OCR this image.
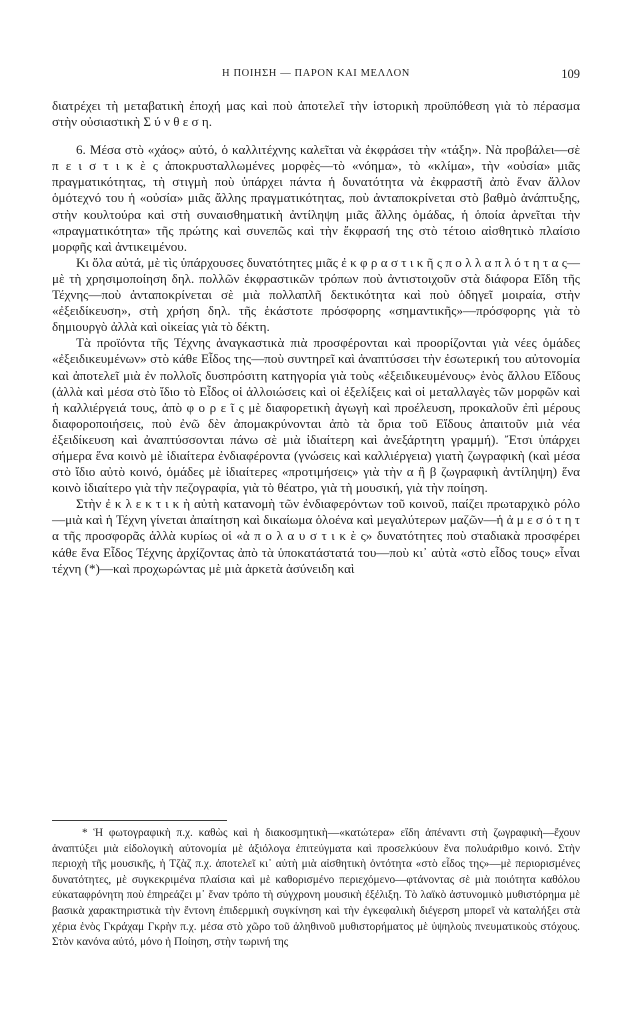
Η ΠΟΙΗΣΗ — ΠΑΡΟΝ ΚΑΙ ΜΕΛΛΟΝ	109

διατρέχει τὴ μεταβατικὴ ἐποχή μας καὶ ποὺ ἀποτελεῖ τὴν ἱστορικὴ προϋπόθεση γιὰ τὸ πέρασμα στὴν οὐσιαστικὴ Σ ύ ν θ ε σ η.

6. Μέσα στὸ «χάος» αὐτό, ὁ καλλιτέχνης καλεῖται νὰ ἐκφράσει τὴν «τάξη». Νὰ προβάλει—σὲ π ε ι σ τ ι κ ὲ ς ἀποκρυσταλλωμένες μορφὲς—τὸ «νόημα», τὸ «κλίμα», τὴν «οὐσία» μιᾶς πραγματικότητας, τὴ στιγμὴ ποὺ ὑπάρχει πάντα ἡ δυνατότητα νὰ ἐκφραστῆ ἀπὸ ἕναν ἄλλον ὁμότεχνό του ἡ «οὐσία» μιᾶς ἄλλης πραγματικότητας, ποὺ ἀνταποκρίνεται στὸ βαθμὸ ἀνάπτυξης, στὴν κουλτούρα καὶ στὴ συναισθηματικὴ ἀντίληψη μιᾶς ἄλλης ὁμάδας, ἡ ὁποία ἀρνεῖται τὴν «πραγματικότητα» τῆς πρώτης καὶ συνεπῶς καὶ τὴν ἔκφρασή της στὸ τέτοιο αἰσθητικὸ πλαίσιο μορφῆς καὶ ἀντικειμένου.

Κι ὅλα αὐτά, μὲ τὶς ὑπάρχουσες δυνατότητες μιᾶς ἐ κ φ ρ α σ τ ι κ ῆ ς π ο λ λ α π λ ό τ η τ α ς—μὲ τὴ χρησιμοποίηση δηλ. πολλῶν ἐκφραστικῶν τρόπων ποὺ ἀντιστοιχοῦν στὰ διάφορα Εἴδη τῆς Τέχνης—ποὺ ἀνταποκρίνεται σὲ μιὰ πολλαπλῆ δεκτικότητα καὶ ποὺ ὁδηγεῖ μοιραία, στὴν «ἐξειδίκευση», στὴ χρήση δηλ. τῆς ἑκάστοτε πρόσφορης «σημαντικῆς»—πρόσφορης γιὰ τὸ δημιουργὸ ἀλλὰ καὶ οἰκείας γιὰ τὸ δέκτη.

Τὰ προϊόντα τῆς Τέχνης ἀναγκαστικὰ πιὰ προσφέρονται καὶ προορίζονται γιὰ νέες ὁμάδες «ἐξειδικευμένων» στὸ κάθε Εἶδος της—ποὺ συντηρεῖ καὶ ἀναπτύσσει τὴν ἐσωτερική του αὐτονομία καὶ ἀποτελεῖ μιὰ ἐν πολλοῖς δυσπρόσιτη κατηγορία γιὰ τοὺς «ἐξειδικευμένους» ἑνὸς ἄλλου Εἴδους (ἀλλὰ καὶ μέσα στὸ ἴδιο τὸ Εἶδος οἱ ἀλλοιώσεις καὶ οἱ ἐξελίξεις καὶ οἱ μεταλλαγὲς τῶν μορφῶν καὶ ἡ καλλιέργειά τους, ἀπὸ φ ο ρ ε ῖ ς μὲ διαφορετικὴ ἀγωγὴ καὶ προέλευση, προκαλοῦν ἐπὶ μέρους διαφοροποιήσεις, ποὺ ἐνῶ δὲν ἀπομακρύνονται ἀπὸ τὰ ὅρια τοῦ Εἴδους ἀπαιτοῦν μιὰ νέα ἐξειδίκευση καὶ ἀναπτύσσονται πάνω σὲ μιὰ ἰδιαίτερη καὶ ἀνεξάρτητη γραμμή). Ἔτσι ὑπάρχει σήμερα ἕνα κοινὸ μὲ ἰδιαίτερα ἐνδιαφέροντα (γνώσεις καὶ καλλιέργεια) γιατὴ ζωγραφικὴ (καὶ μέσα στὸ ἴδιο αὐτὸ κοινό, ὁμάδες μὲ ἰδιαίτερες «προτιμήσεις» γιὰ τὴν α ἢ β ζωγραφικὴ ἀντίληψη) ἕνα κοινὸ ἰδιαίτερο γιὰ τὴν πεζογραφία, γιὰ τὸ θέατρο, γιὰ τὴ μουσική, γιὰ τὴν ποίηση.

Στὴν ἐ κ λ ε κ τ ι κ ὴ αὐτὴ κατανομὴ τῶν ἐνδιαφερόντων τοῦ κοινοῦ, παίζει πρωταρχικὸ ρόλο—μιὰ καὶ ἡ Τέχνη γίνεται ἀπαίτηση καὶ δικαίωμα ὁλοένα καὶ μεγαλύτερων μαζῶν—ἡ ἀ μ ε σ ό τ η τ α τῆς προσφορᾶς ἀλλὰ κυρίως οἱ «ἀ π ο λ α υ σ τ ι κ ὲ ς» δυνατότητες ποὺ σταδιακὰ προσφέρει κάθε ἕνα Εἶδος Τέχνης ἀρχίζοντας ἀπὸ τὰ ὑποκατάστατά του—ποὺ κι᾽ αὐτὰ «στὸ εἶδος τους» εἶναι τέχνη (*)—καὶ προχωρώντας μὲ μιὰ ἀρκετὰ ἀσύνειδη καὶ

* Ἡ φωτογραφικὴ π.χ. καθὼς καὶ ἡ διακοσμητικὴ—«κατώτερα» εἴδη ἀπέναντι στὴ ζωγραφικὴ—ἔχουν ἀναπτύξει μιὰ εἰδολογικὴ αὐτονομία μὲ ἀξιόλογα ἐπιτεύγματα καὶ προσελκύουν ἕνα πολυάριθμο κοινό. Στὴν περιοχὴ τῆς μουσικῆς, ἡ Τζὰζ π.χ. ἀποτελεῖ κι᾽ αὐτὴ μιὰ αἰσθητικὴ ὀντότητα «στὸ εἶδος της»—μὲ περιορισμένες δυνατότητες, μὲ συγκεκριμένα πλαίσια καὶ μὲ καθορισμένο περιεχόμενο—φτάνοντας σὲ μιὰ ποιότητα καθόλου εὐκαταφρόνητη ποὺ ἐπηρεάζει μ᾽ ἕναν τρόπο τὴ σύγχρονη μουσικὴ ἐξέλιξη. Τὸ λαϊκὸ ἀστυνομικὸ μυθιστόρημα μὲ βασικὰ χαρακτηριστικὰ τὴν ἔντονη ἐπιδερμικὴ συγκίνηση καὶ τὴν ἐγκεφαλικὴ διέγερση μπορεῖ νὰ καταλήξει στὰ χέρια ἑνὸς Γκράχαμ Γκρὴν π.χ. μέσα στὸ χῶρο τοῦ ἀληθινοῦ μυθιστορήματος μὲ ὑψηλοὺς πνευματικοὺς στόχους. Στὸν κανόνα αὐτό, μόνο ἡ Ποίηση, στὴν τωρινή της
